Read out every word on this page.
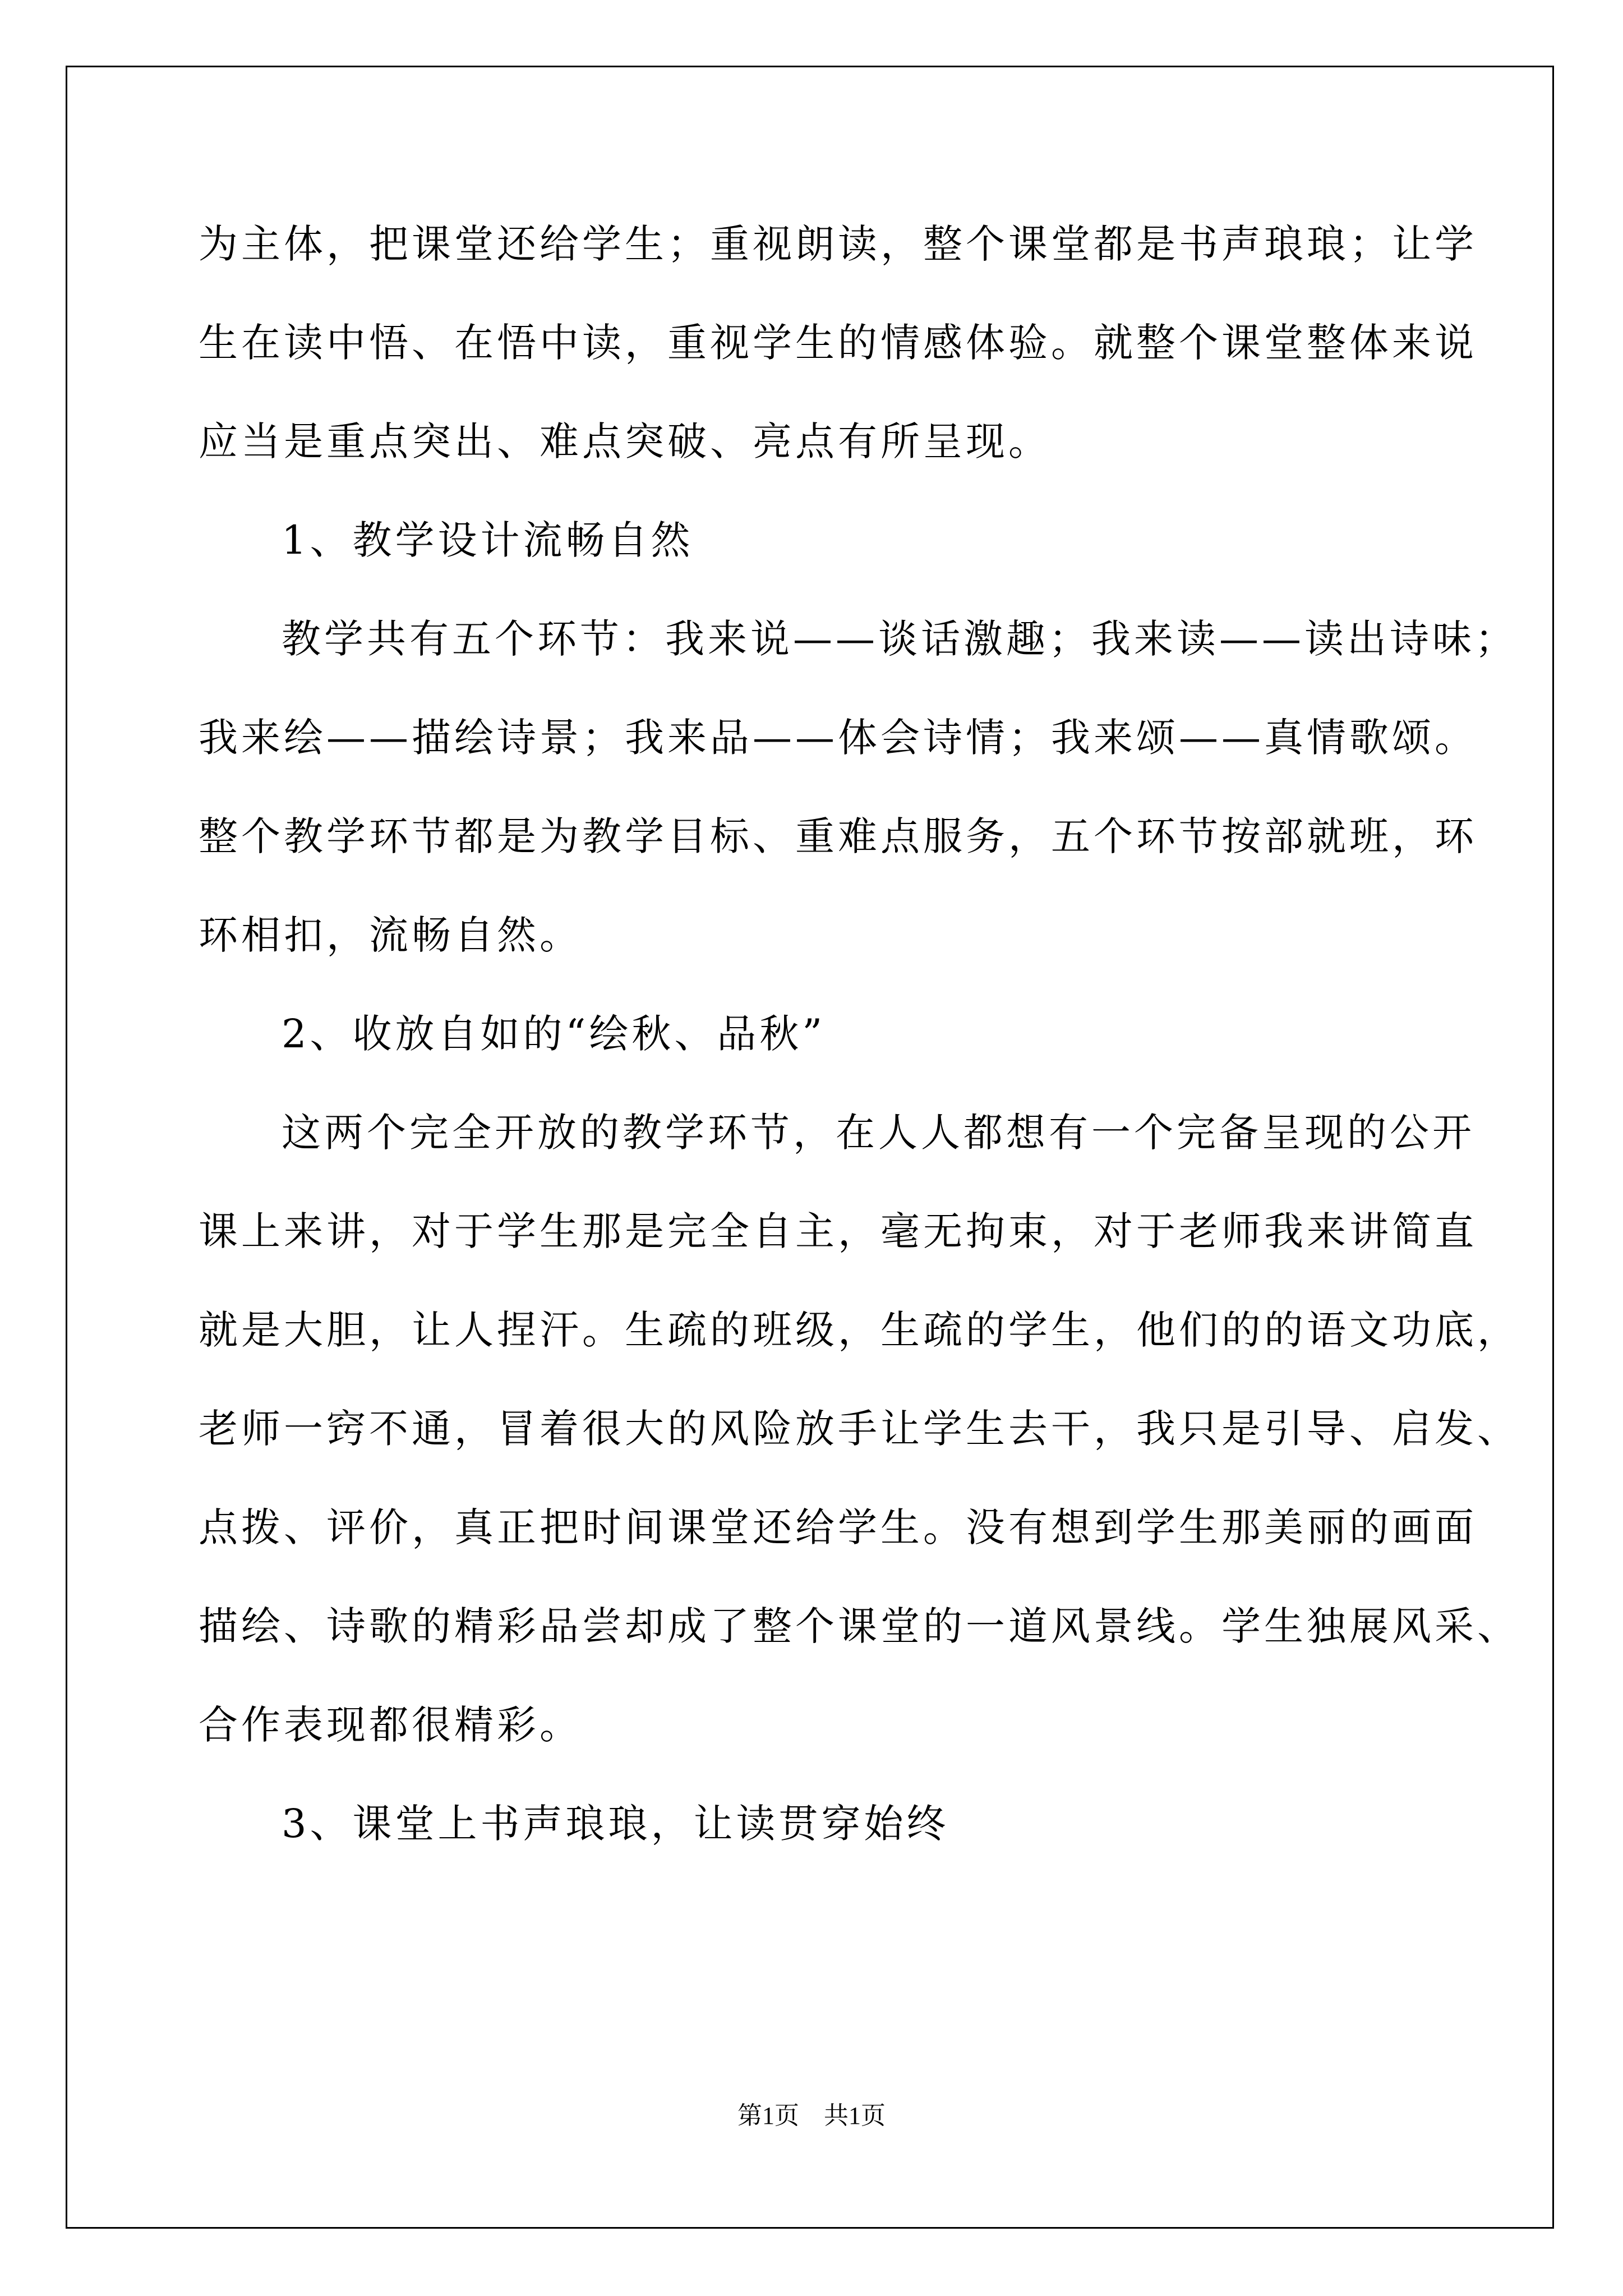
为主体，把课堂还给学生；重视朗读，整个课堂都是书声琅琅；让学
生在读中悟、在悟中读，重视学生的情感体验。就整个课堂整体来说
应当是重点突出、难点突破、亮点有所呈现。
1、教学设计流畅自然
教学共有五个环节：我来说——谈话激趣；我来读——读出诗味；
我来绘——描绘诗景；我来品——体会诗情；我来颂——真情歌颂。
整个教学环节都是为教学目标、重难点服务，五个环节按部就班，环
环相扣，流畅自然。
2、收放自如的“绘秋、品秋”
这两个完全开放的教学环节，在人人都想有一个完备呈现的公开
课上来讲，对于学生那是完全自主，毫无拘束，对于老师我来讲简直
就是大胆，让人捏汗。生疏的班级，生疏的学生，他们的的语文功底，
老师一窍不通，冒着很大的风险放手让学生去干，我只是引导、启发、
点拨、评价，真正把时间课堂还给学生。没有想到学生那美丽的画面
描绘、诗歌的精彩品尝却成了整个课堂的一道风景线。学生独展风采、
合作表现都很精彩。
3、课堂上书声琅琅，让读贯穿始终
第1页　共1页
